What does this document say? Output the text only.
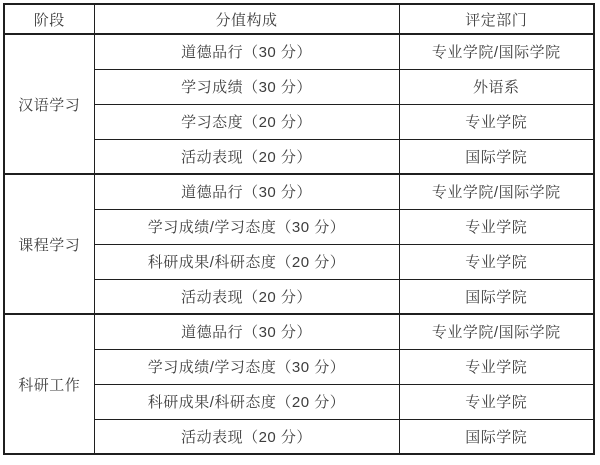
阶段	分值构成	评定部门
汉语学习	道德品行（30 分）	专业学院/国际学院
	学习成绩（30 分）	外语系
	学习态度（20 分）	专业学院
	活动表现（20 分）	国际学院
课程学习	道德品行（30 分）	专业学院/国际学院
	学习成绩/学习态度（30 分）	专业学院
	科研成果/科研态度（20 分）	专业学院
	活动表现（20 分）	国际学院
科研工作	道德品行（30 分）	专业学院/国际学院
	学习成绩/学习态度（30 分）	专业学院
	科研成果/科研态度（20 分）	专业学院
	活动表现（20 分）	国际学院
